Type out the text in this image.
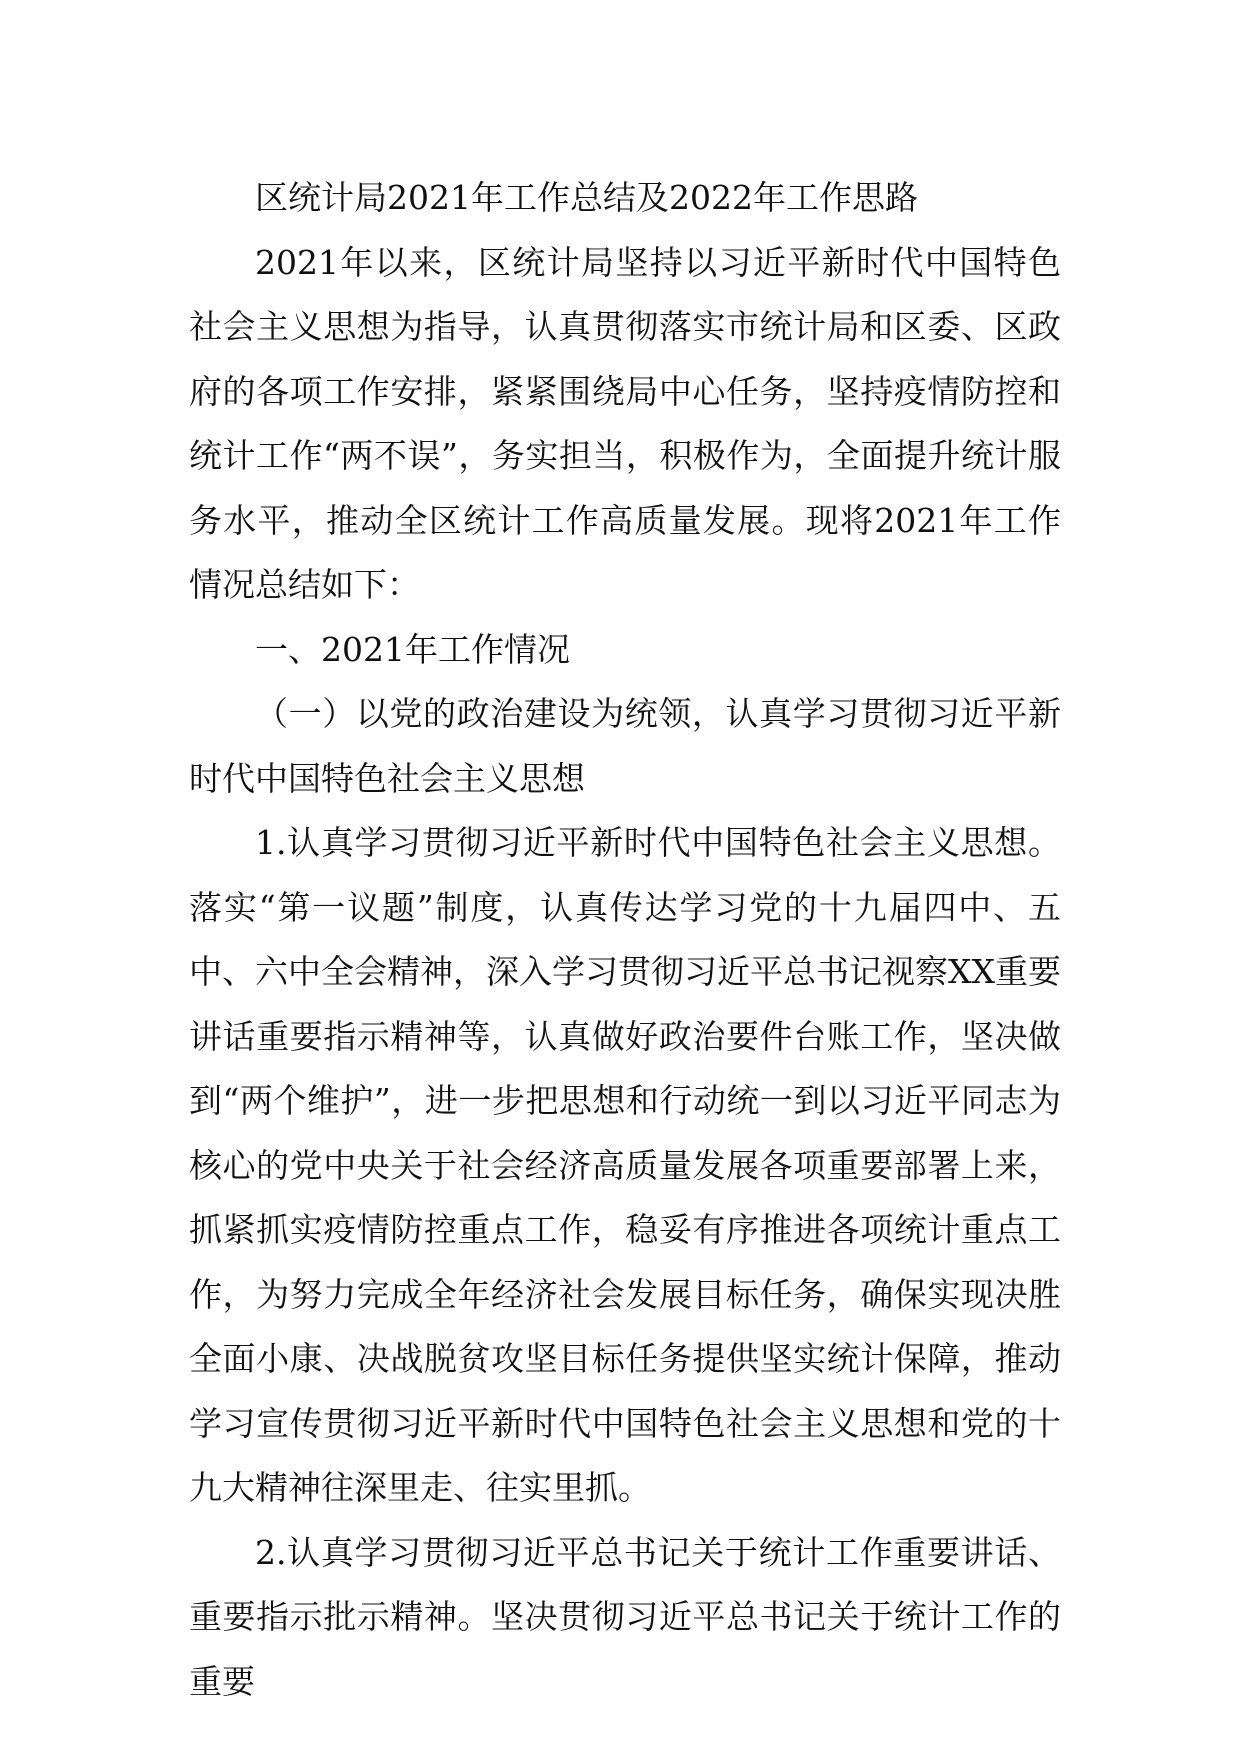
区统计局2021年工作总结及2022年工作思路

2021年以来，区统计局坚持以习近平新时代中国特色社会主义思想为指导，认真贯彻落实市统计局和区委、区政府的各项工作安排，紧紧围绕局中心任务，坚持疫情防控和统计工作“两不误”，务实担当，积极作为，全面提升统计服务水平，推动全区统计工作高质量发展。现将2021年工作情况总结如下：

一、2021年工作情况

（一）以党的政治建设为统领，认真学习贯彻习近平新时代中国特色社会主义思想

1.认真学习贯彻习近平新时代中国特色社会主义思想。落实“第一议题”制度，认真传达学习党的十九届四中、五中、六中全会精神，深入学习贯彻习近平总书记视察XX重要讲话重要指示精神等，认真做好政治要件台账工作，坚决做到“两个维护”，进一步把思想和行动统一到以习近平同志为核心的党中央关于社会经济高质量发展各项重要部署上来，抓紧抓实疫情防控重点工作，稳妥有序推进各项统计重点工作，为努力完成全年经济社会发展目标任务，确保实现决胜全面小康、决战脱贫攻坚目标任务提供坚实统计保障，推动学习宣传贯彻习近平新时代中国特色社会主义思想和党的十九大精神往深里走、往实里抓。

2.认真学习贯彻习近平总书记关于统计工作重要讲话、重要指示批示精神。坚决贯彻习近平总书记关于统计工作的重要
